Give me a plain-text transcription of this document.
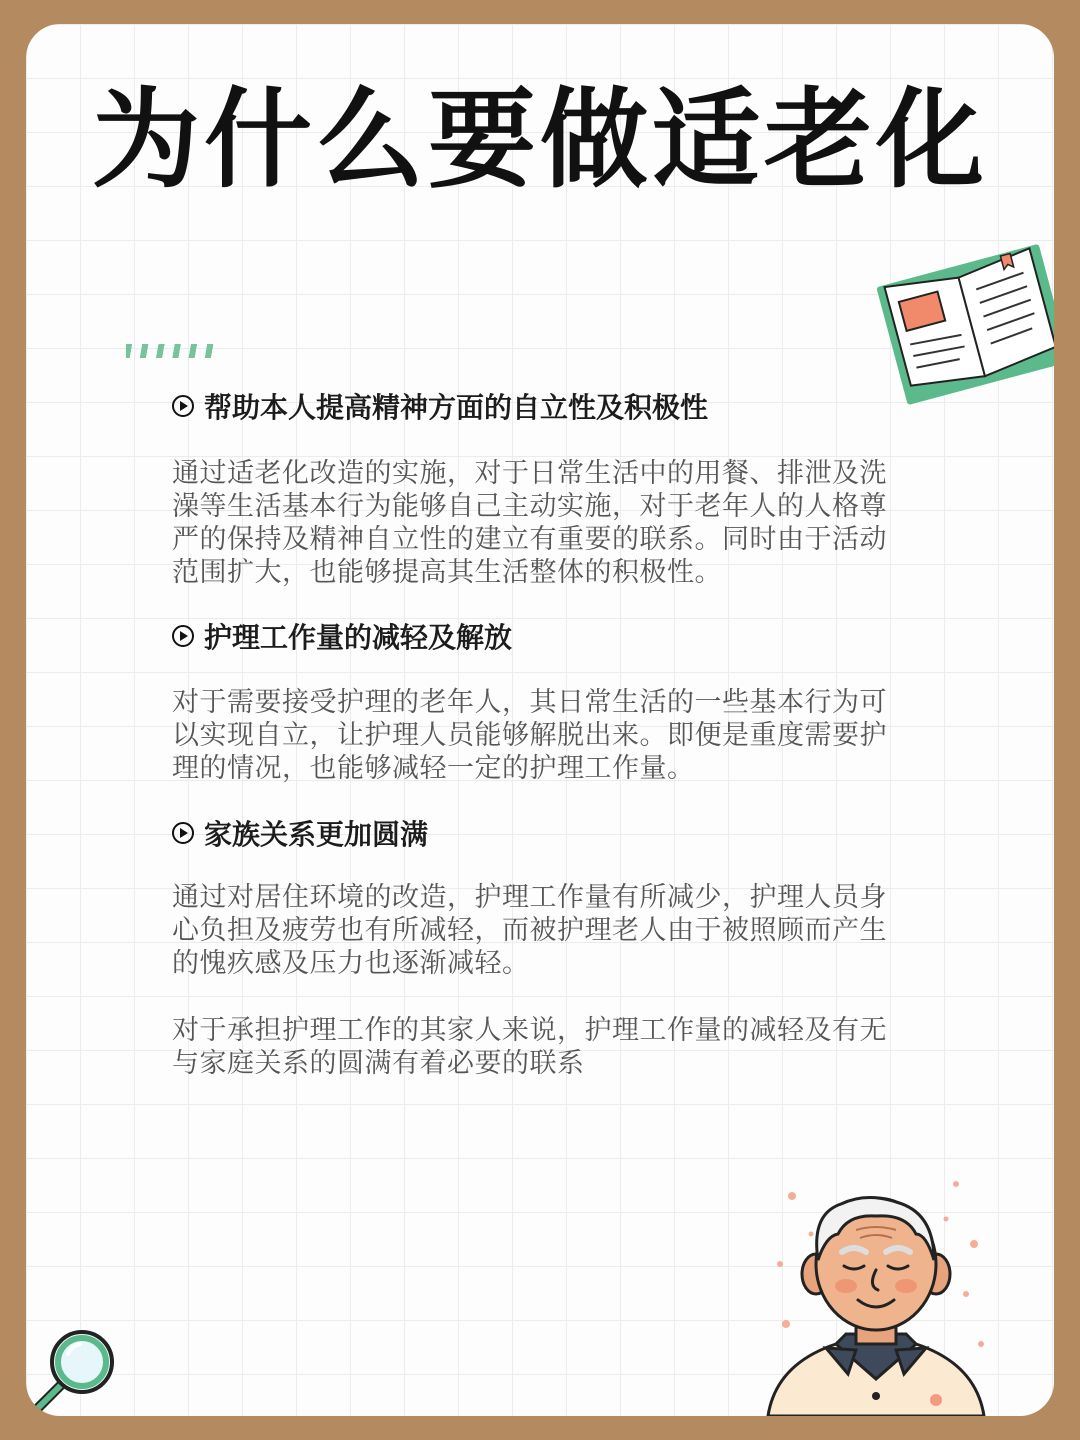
为什么要做适老化
帮助本人提高精神方面的自立性及积极性
通过适老化改造的实施，对于日常生活中的用餐、排泄及洗澡等生活基本行为能够自己主动实施，对于老年人的人格尊严的保持及精神自立性的建立有重要的联系。同时由于活动范围扩大，也能够提高其生活整体的积极性。
护理工作量的减轻及解放
对于需要接受护理的老年人，其日常生活的一些基本行为可以实现自立，让护理人员能够解脱出来。即便是重度需要护理的情况，也能够减轻一定的护理工作量。
家族关系更加圆满
通过对居住环境的改造，护理工作量有所减少，护理人员身心负担及疲劳也有所减轻，而被护理老人由于被照顾而产生的愧疚感及压力也逐渐减轻。
对于承担护理工作的其家人来说，护理工作量的减轻及有无与家庭关系的圆满有着必要的联系
